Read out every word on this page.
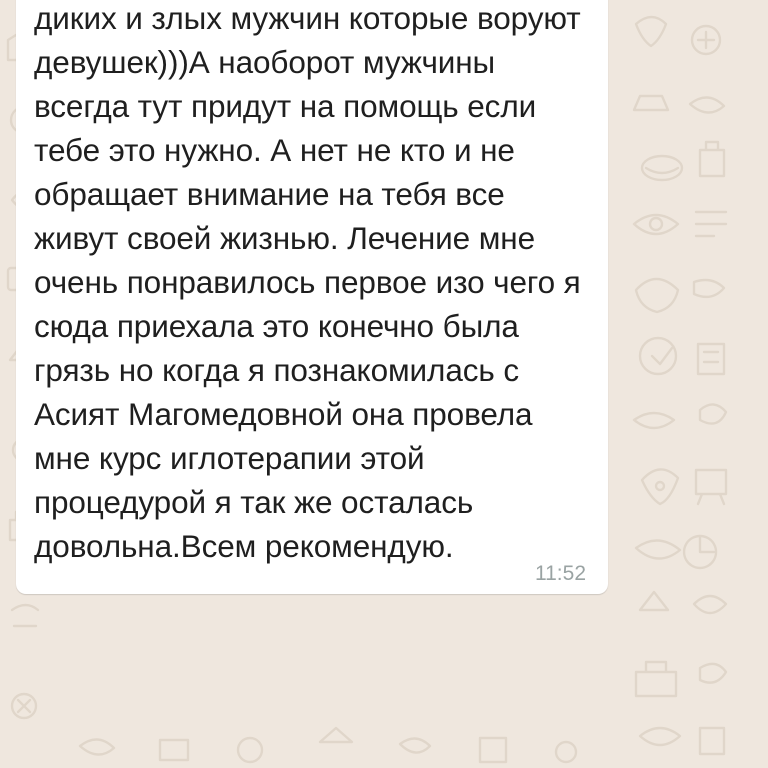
диких и злых мужчин которые воруют девушек)))А наоборот мужчины всегда тут придут на помощь если тебе это нужно. А нет не кто и не обращает внимание на тебя все живут своей жизнью. Лечение мне очень понравилось первое изо чего я сюда приехала это конечно была грязь но когда я познакомилась с Асият Магомедовной она провела мне курс иглотерапии этой процедурой я так же осталась довольна.Всем рекомендую.
11:52
